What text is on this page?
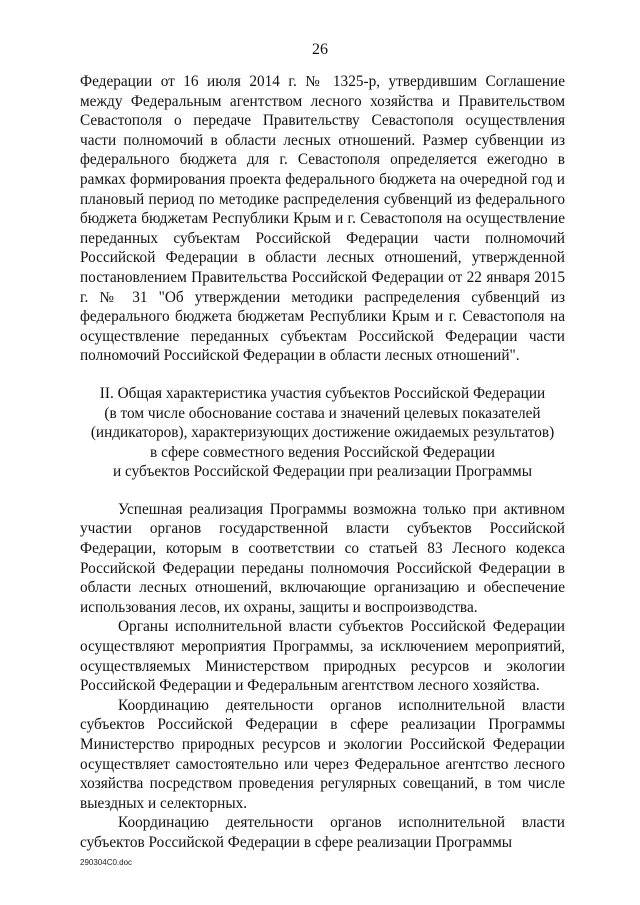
26

Федерации от 16 июля 2014 г. № 1325-р, утвердившим Соглашение между Федеральным агентством лесного хозяйства и Правительством Севастополя о передаче Правительству Севастополя осуществления части полномочий в области лесных отношений. Размер субвенции из федерального бюджета для г. Севастополя определяется ежегодно в рамках формирования проекта федерального бюджета на очередной год и плановый период по методике распределения субвенций из федерального бюджета бюджетам Республики Крым и г. Севастополя на осуществление переданных субъектам Российской Федерации части полномочий Российской Федерации в области лесных отношений, утвержденной постановлением Правительства Российской Федерации от 22 января 2015 г. № 31 "Об утверждении методики распределения субвенций из федерального бюджета бюджетам Республики Крым и г. Севастополя на осуществление переданных субъектам Российской Федерации части полномочий Российской Федерации в области лесных отношений".

II. Общая характеристика участия субъектов Российской Федерации
(в том числе обоснование состава и значений целевых показателей
(индикаторов), характеризующих достижение ожидаемых результатов)
в сфере совместного ведения Российской Федерации
и субъектов Российской Федерации при реализации Программы

Успешная реализация Программы возможна только при активном участии органов государственной власти субъектов Российской Федерации, которым в соответствии со статьей 83 Лесного кодекса Российской Федерации переданы полномочия Российской Федерации в области лесных отношений, включающие организацию и обеспечение использования лесов, их охраны, защиты и воспроизводства.

Органы исполнительной власти субъектов Российской Федерации осуществляют мероприятия Программы, за исключением мероприятий, осуществляемых Министерством природных ресурсов и экологии Российской Федерации и Федеральным агентством лесного хозяйства.

Координацию деятельности органов исполнительной власти субъектов Российской Федерации в сфере реализации Программы Министерство природных ресурсов и экологии Российской Федерации осуществляет самостоятельно или через Федеральное агентство лесного хозяйства посредством проведения регулярных совещаний, в том числе выездных и селекторных.

Координацию деятельности органов исполнительной власти субъектов Российской Федерации в сфере реализации Программы

290304C0.doc
